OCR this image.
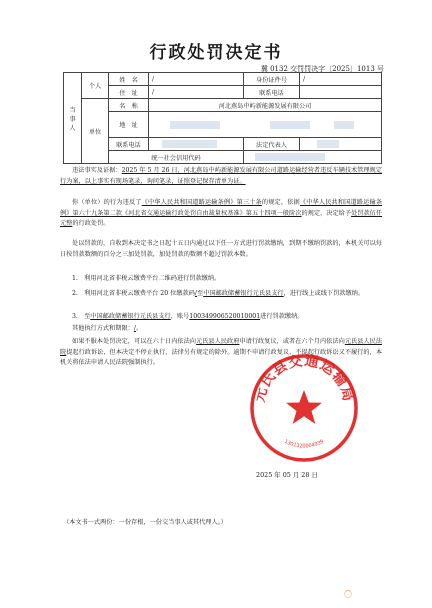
行政处罚决定书
冀 0132 交罚罚决字〔2025〕1013 号
当事人	个人	姓　名	/	身份证件号	/
		住　址	/	联系电话	
	单位	名　称	河北燕岛中屿新能源发展有限公司		
		地　址			

		联系电话		法定代表人	
		统一社会信用代码			

违法事实及证据：2025 年 5 月 26 日，河北燕岛中屿新能源发展有限公司道路运输经营者违反车辆技术管理规定行为案，以上事实有现场笔录，询问笔录，证照登记保存清单为证。

你（单位）的行为违反了《中华人民共和国道路运输条例》第三十条的规定，依据《中华人民共和国道路运输条例》第六十九条第二款《河北省交通运输行政处罚自由裁量权基准》第五十四项一般阶次的规定，决定给予处罚款伍仟元整的行政处罚。

处以罚款的，自收到本决定书之日起十五日内通过以下任一方式进行罚款缴纳，到期不缴纳罚款的，本机关可以每日按罚款数额的百分之三加处罚款，加处罚款的数额不超过罚款本数。

1.　利用河北省非税云缴费平台二维码进行罚款缴纳。

2.　利用河北省非税云缴费平台 20 位缴款码/至中国邮政储蓄银行元氏县支行，进行线上或线下罚款缴纳。

3.　至中国邮政储蓄银行元氏县支行，账号100349906520010001进行罚款缴纳。

其他执行方式和期限：/。

如果不服本处罚决定，可以在六十日内依法向元氏县人民政府申请行政复议，或者在六个月内依法向元氏县人民法院提起行政诉讼，但本决定不停止执行，法律另有规定的除外。逾期不申请行政复议、不提起行政诉讼又不履行的，本机关将依法申请人民法院强制执行。

元氏县交通运输局
1301320004939
2025 年 05 月 28 日
（本文书一式两份：一份存根，一份交当事人或其代理人。）
